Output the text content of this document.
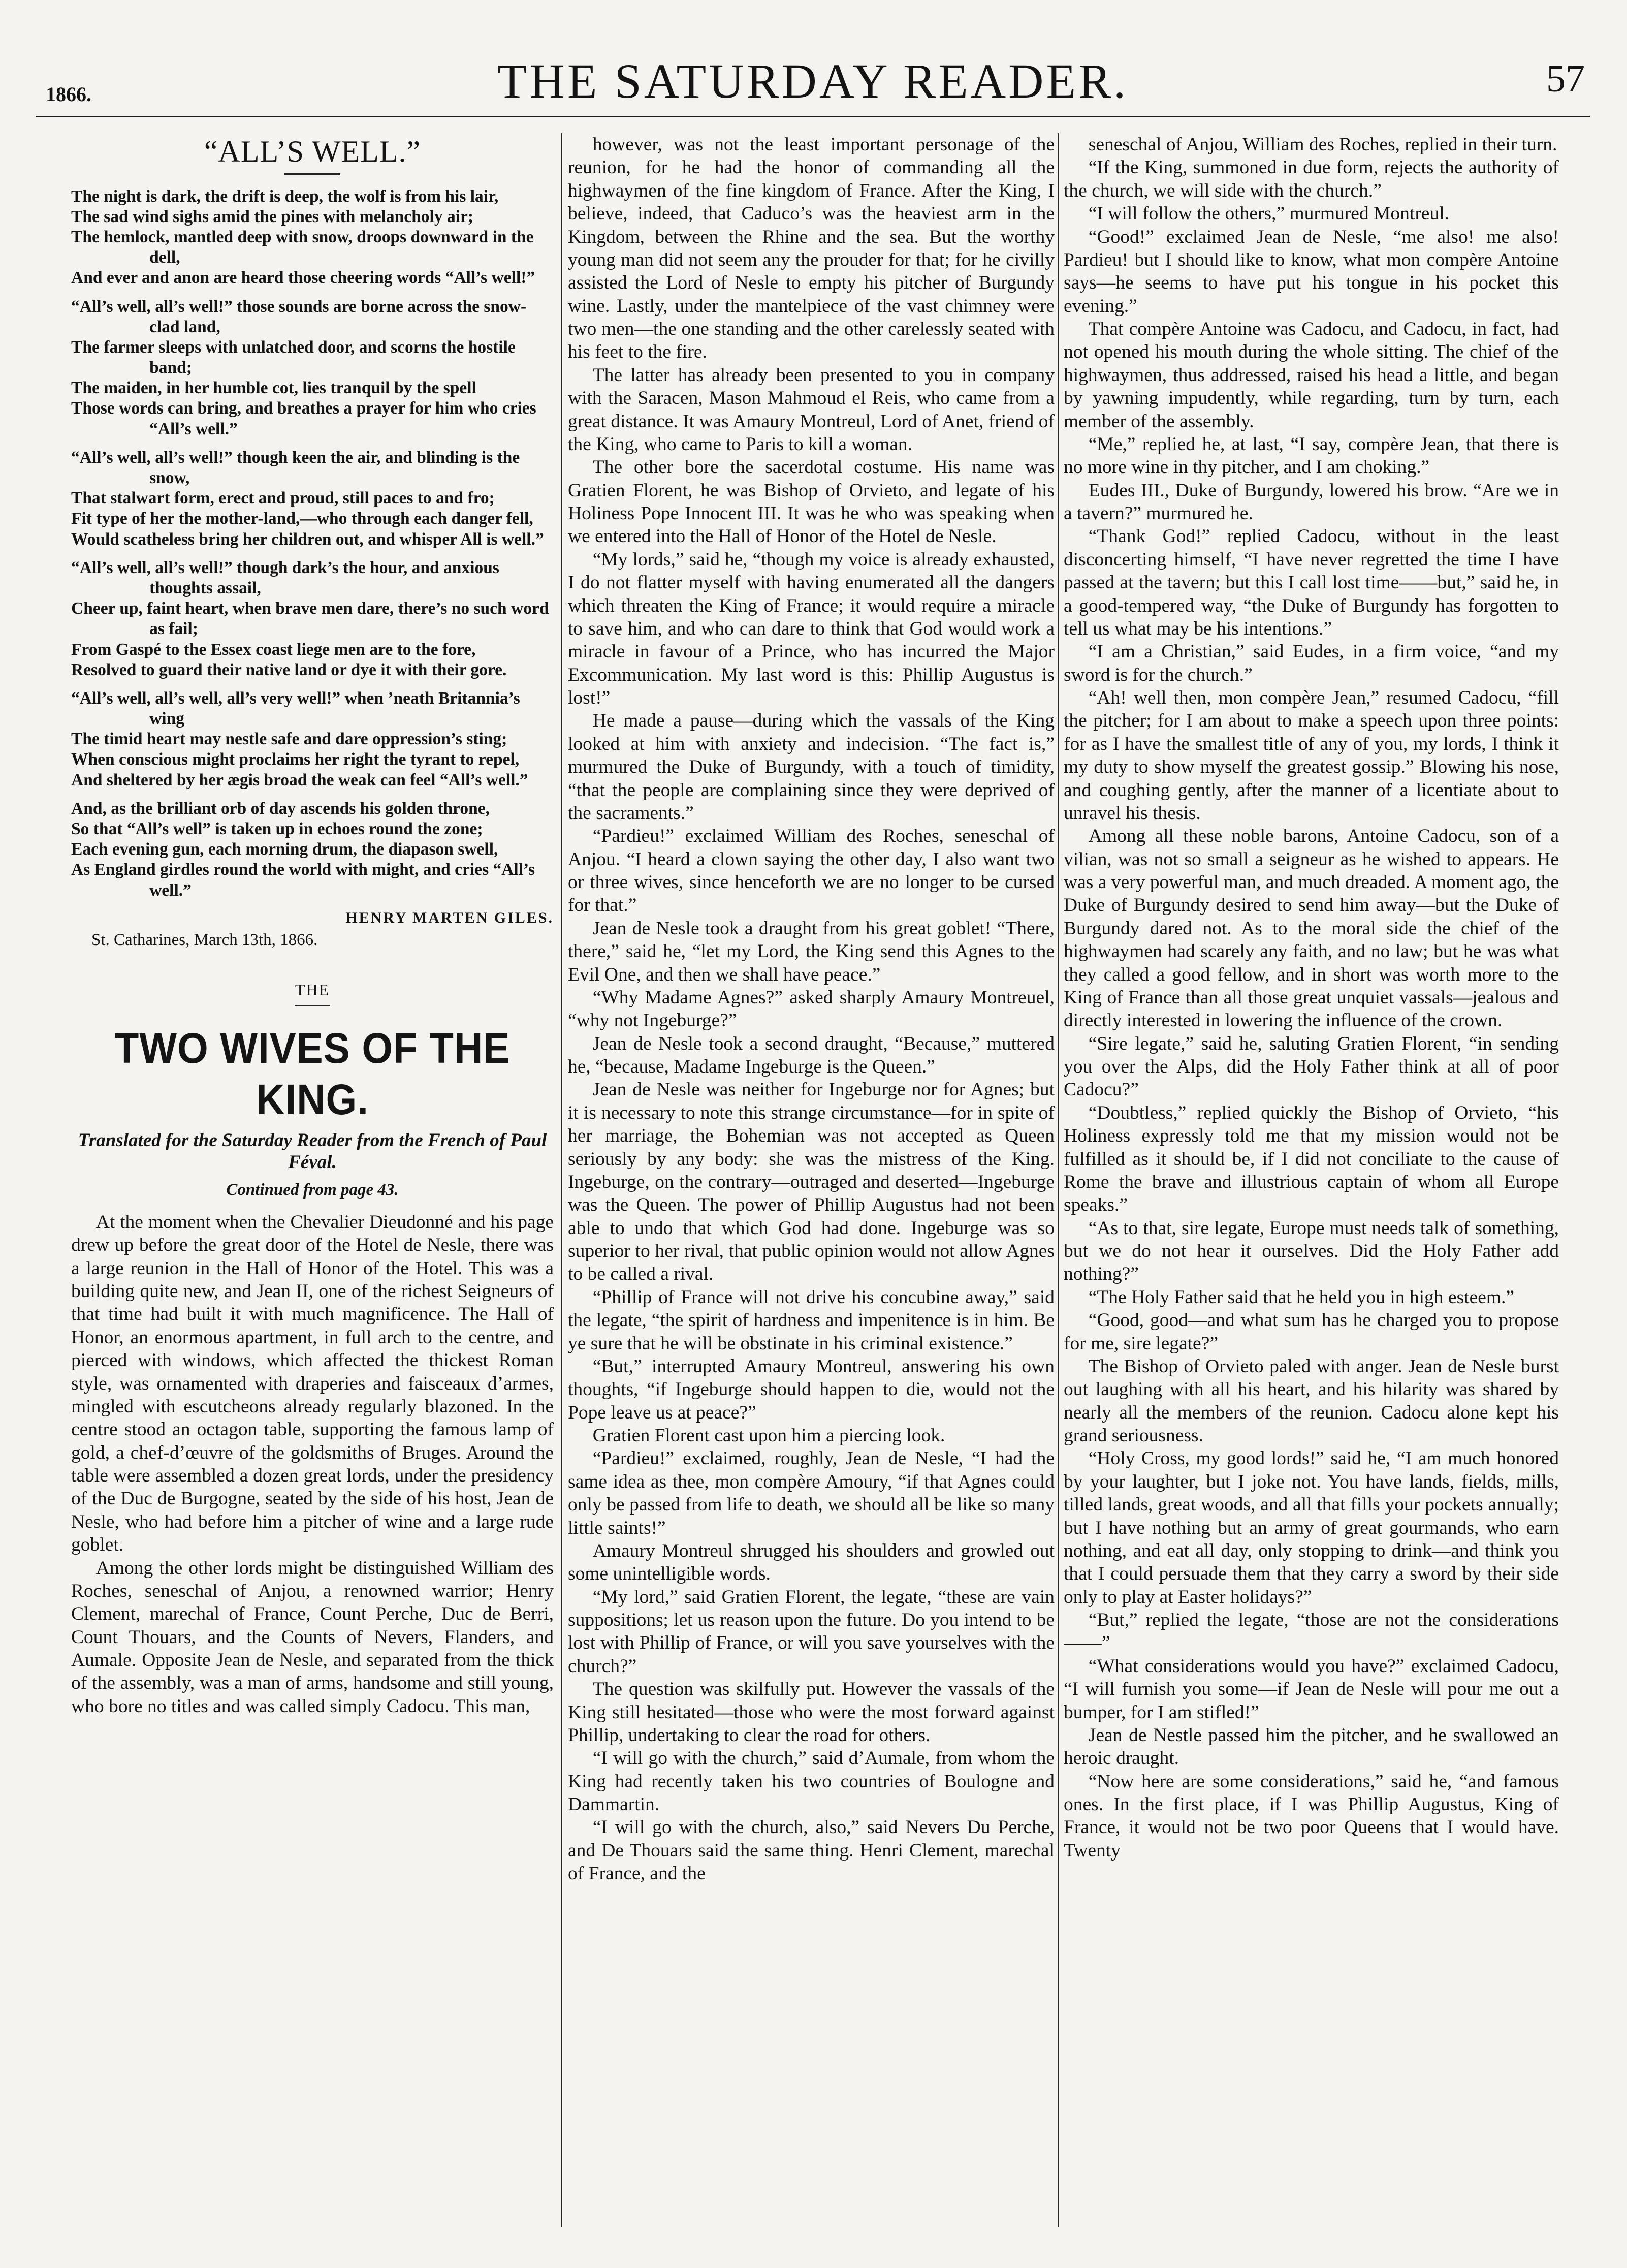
1866.	THE SATURDAY READER.	57
“ALL’S WELL.”
The night is dark, the drift is deep, the wolf is from his lair,
The sad wind sighs amid the pines with melancholy air;
The hemlock, mantled deep with snow, droops downward in the dell,
And ever and anon are heard those cheering words “All’s well!”
“All’s well, all’s well!” those sounds are borne across the snow-clad land,
The farmer sleeps with unlatched door, and scorns the hostile band;
The maiden, in her humble cot, lies tranquil by the spell
Those words can bring, and breathes a prayer for him who cries “All’s well.”
“All’s well, all’s well!” though keen the air, and blinding is the snow,
That stalwart form, erect and proud, still paces to and fro;
Fit type of her the mother-land,—who through each danger fell,
Would scatheless bring her children out, and whisper All is well.”
“All’s well, all’s well!” though dark’s the hour, and anxious thoughts assail,
Cheer up, faint heart, when brave men dare, there’s no such word as fail;
From Gaspé to the Essex coast liege men are to the fore,
Resolved to guard their native land or dye it with their gore.
“All’s well, all’s well, all’s very well!” when ’neath Britannia’s wing
The timid heart may nestle safe and dare oppression’s sting;
When conscious might proclaims her right the tyrant to repel,
And sheltered by her ægis broad the weak can feel “All’s well.”
And, as the brilliant orb of day ascends his golden throne,
So that “All’s well” is taken up in echoes round the zone;
Each evening gun, each morning drum, the diapason swell,
As England girdles round the world with might, and cries “All’s well.”
HENRY MARTEN GILES.
St. Catharines, March 13th, 1866.
THE
TWO WIVES OF THE KING.
Translated for the Saturday Reader from the French of Paul Féval.
Continued from page 43.

At the moment when the Chevalier Dieudonné and his page drew up before the great door of the Hotel de Nesle, there was a large reunion in the Hall of Honor of the Hotel. This was a building quite new, and Jean II, one of the richest Seigneurs of that time had built it with much magnificence. The Hall of Honor, an enormous apartment, in full arch to the centre, and pierced with windows, which affected the thickest Roman style, was ornamented with draperies and faisceaux d’armes, mingled with escutcheons already regularly blazoned. In the centre stood an octagon table, supporting the famous lamp of gold, a chef-d’œuvre of the goldsmiths of Bruges. Around the table were assembled a dozen great lords, under the presidency of the Duc de Burgogne, seated by the side of his host, Jean de Nesle, who had before him a pitcher of wine and a large rude goblet.

Among the other lords might be distinguished William des Roches, seneschal of Anjou, a renowned warrior; Henry Clement, marechal of France, Count Perche, Duc de Berri, Count Thouars, and the Counts of Nevers, Flanders, and Aumale. Opposite Jean de Nesle, and separated from the thick of the assembly, was a man of arms, handsome and still young, who bore no titles and was called simply Cadocu. This man,

however, was not the least important personage of the reunion, for he had the honor of commanding all the highwaymen of the fine kingdom of France. After the King, I believe, indeed, that Caduco’s was the heaviest arm in the Kingdom, between the Rhine and the sea. But the worthy young man did not seem any the prouder for that; for he civilly assisted the Lord of Nesle to empty his pitcher of Burgundy wine. Lastly, under the mantelpiece of the vast chimney were two men—the one standing and the other carelessly seated with his feet to the fire.

The latter has already been presented to you in company with the Saracen, Mason Mahmoud el Reis, who came from a great distance. It was Amaury Montreul, Lord of Anet, friend of the King, who came to Paris to kill a woman.

The other bore the sacerdotal costume. His name was Gratien Florent, he was Bishop of Orvieto, and legate of his Holiness Pope Innocent III. It was he who was speaking when we entered into the Hall of Honor of the Hotel de Nesle.

“My lords,” said he, “though my voice is already exhausted, I do not flatter myself with having enumerated all the dangers which threaten the King of France; it would require a miracle to save him, and who can dare to think that God would work a miracle in favour of a Prince, who has incurred the Major Excommunication. My last word is this: Phillip Augustus is lost!”

He made a pause—during which the vassals of the King looked at him with anxiety and indecision. “The fact is,” murmured the Duke of Burgundy, with a touch of timidity, “that the people are complaining since they were deprived of the sacraments.”

“Pardieu!” exclaimed William des Roches, seneschal of Anjou. “I heard a clown saying the other day, I also want two or three wives, since henceforth we are no longer to be cursed for that.”

Jean de Nesle took a draught from his great goblet! “There, there,” said he, “let my Lord, the King send this Agnes to the Evil One, and then we shall have peace.”

“Why Madame Agnes?” asked sharply Amaury Montreuel, “why not Ingeburge?”

Jean de Nesle took a second draught, “Because,” muttered he, “because, Madame Ingeburge is the Queen.”

Jean de Nesle was neither for Ingeburge nor for Agnes; but it is necessary to note this strange circumstance—for in spite of her marriage, the Bohemian was not accepted as Queen seriously by any body: she was the mistress of the King. Ingeburge, on the contrary—outraged and deserted—Ingeburge was the Queen. The power of Phillip Augustus had not been able to undo that which God had done. Ingeburge was so superior to her rival, that public opinion would not allow Agnes to be called a rival.

“Phillip of France will not drive his concubine away,” said the legate, “the spirit of hardness and impenitence is in him. Be ye sure that he will be obstinate in his criminal existence.”

“But,” interrupted Amaury Montreul, answering his own thoughts, “if Ingeburge should happen to die, would not the Pope leave us at peace?”

Gratien Florent cast upon him a piercing look.

“Pardieu!” exclaimed, roughly, Jean de Nesle, “I had the same idea as thee, mon compère Amoury, “if that Agnes could only be passed from life to death, we should all be like so many little saints!”

Amaury Montreul shrugged his shoulders and growled out some unintelligible words.

“My lord,” said Gratien Florent, the legate, “these are vain suppositions; let us reason upon the future. Do you intend to be lost with Phillip of France, or will you save yourselves with the church?”

The question was skilfully put. However the vassals of the King still hesitated—those who were the most forward against Phillip, undertaking to clear the road for others.

“I will go with the church,” said d’Aumale, from whom the King had recently taken his two countries of Boulogne and Dammartin.

“I will go with the church, also,” said Nevers Du Perche, and De Thouars said the same thing. Henri Clement, marechal of France, and the

seneschal of Anjou, William des Roches, replied in their turn.

“If the King, summoned in due form, rejects the authority of the church, we will side with the church.”

“I will follow the others,” murmured Montreul.

“Good!” exclaimed Jean de Nesle, “me also! me also! Pardieu! but I should like to know, what mon compère Antoine says—he seems to have put his tongue in his pocket this evening.”

That compère Antoine was Cadocu, and Cadocu, in fact, had not opened his mouth during the whole sitting. The chief of the highwaymen, thus addressed, raised his head a little, and began by yawning impudently, while regarding, turn by turn, each member of the assembly.

“Me,” replied he, at last, “I say, compère Jean, that there is no more wine in thy pitcher, and I am choking.”

Eudes III., Duke of Burgundy, lowered his brow. “Are we in a tavern?” murmured he.

“Thank God!” replied Cadocu, without in the least disconcerting himself, “I have never regretted the time I have passed at the tavern; but this I call lost time——but,” said he, in a good-tempered way, “the Duke of Burgundy has forgotten to tell us what may be his intentions.”

“I am a Christian,” said Eudes, in a firm voice, “and my sword is for the church.”

“Ah! well then, mon compère Jean,” resumed Cadocu, “fill the pitcher; for I am about to make a speech upon three points: for as I have the smallest title of any of you, my lords, I think it my duty to show myself the greatest gossip.” Blowing his nose, and coughing gently, after the manner of a licentiate about to unravel his thesis.

Among all these noble barons, Antoine Cadocu, son of a vilian, was not so small a seigneur as he wished to appears. He was a very powerful man, and much dreaded. A moment ago, the Duke of Burgundy desired to send him away—but the Duke of Burgundy dared not. As to the moral side the chief of the highwaymen had scarely any faith, and no law; but he was what they called a good fellow, and in short was worth more to the King of France than all those great unquiet vassals—jealous and directly interested in lowering the influence of the crown.

“Sire legate,” said he, saluting Gratien Florent, “in sending you over the Alps, did the Holy Father think at all of poor Cadocu?”

“Doubtless,” replied quickly the Bishop of Orvieto, “his Holiness expressly told me that my mission would not be fulfilled as it should be, if I did not conciliate to the cause of Rome the brave and illustrious captain of whom all Europe speaks.”

“As to that, sire legate, Europe must needs talk of something, but we do not hear it ourselves. Did the Holy Father add nothing?”

“The Holy Father said that he held you in high esteem.”

“Good, good—and what sum has he charged you to propose for me, sire legate?”

The Bishop of Orvieto paled with anger. Jean de Nesle burst out laughing with all his heart, and his hilarity was shared by nearly all the members of the reunion. Cadocu alone kept his grand seriousness.

“Holy Cross, my good lords!” said he, “I am much honored by your laughter, but I joke not. You have lands, fields, mills, tilled lands, great woods, and all that fills your pockets annually; but I have nothing but an army of great gourmands, who earn nothing, and eat all day, only stopping to drink—and think you that I could persuade them that they carry a sword by their side only to play at Easter holidays?”

“But,” replied the legate, “those are not the considerations——”

“What considerations would you have?” exclaimed Cadocu, “I will furnish you some—if Jean de Nesle will pour me out a bumper, for I am stifled!”

Jean de Nestle passed him the pitcher, and he swallowed an heroic draught.

“Now here are some considerations,” said he, “and famous ones. In the first place, if I was Phillip Augustus, King of France, it would not be two poor Queens that I would have. Twenty
